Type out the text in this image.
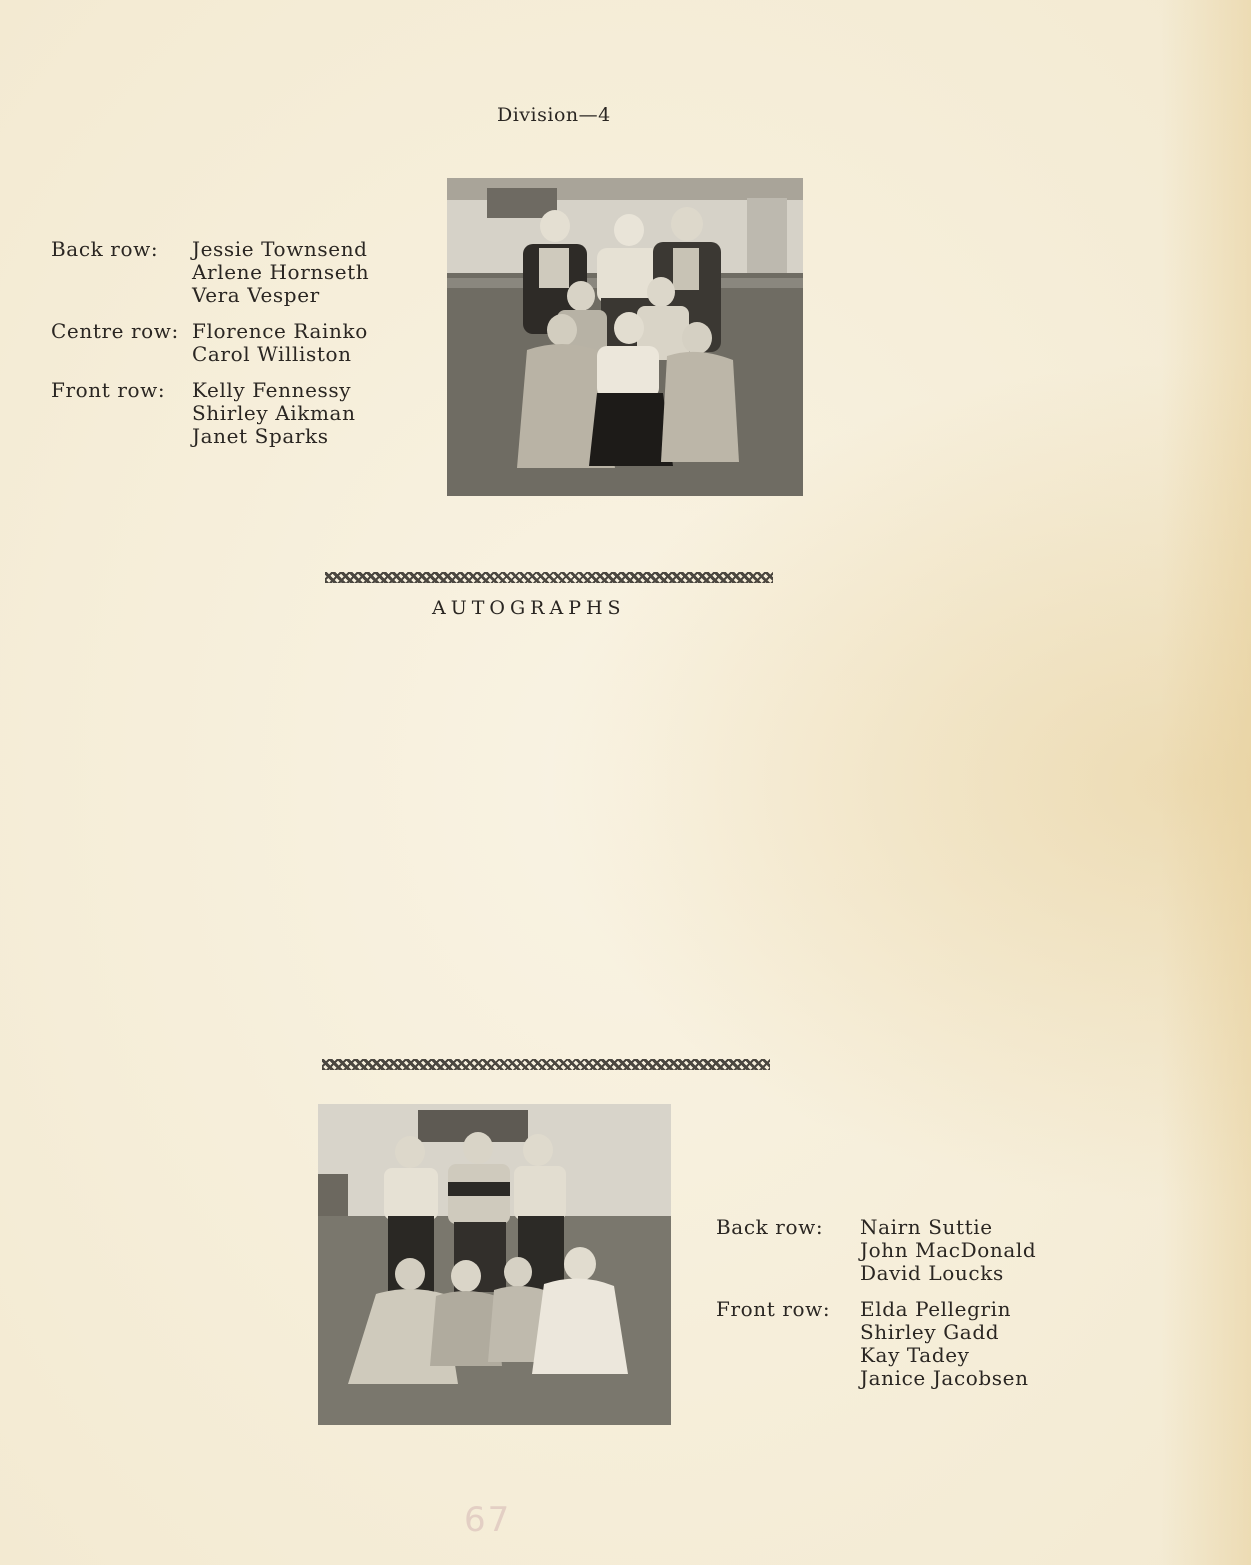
Division—4
Back row: Jessie Townsend
Arlene Hornseth
Vera Vesper
Centre row: Florence Rainko
Carol Williston
Front row: Kelly Fennessy
Shirley Aikman
Janet Sparks
AUTOGRAPHS
Back row: Nairn Suttie
John MacDonald
David Loucks
Front row: Elda Pellegrin
Shirley Gadd
Kay Tadey
Janice Jacobsen
67
